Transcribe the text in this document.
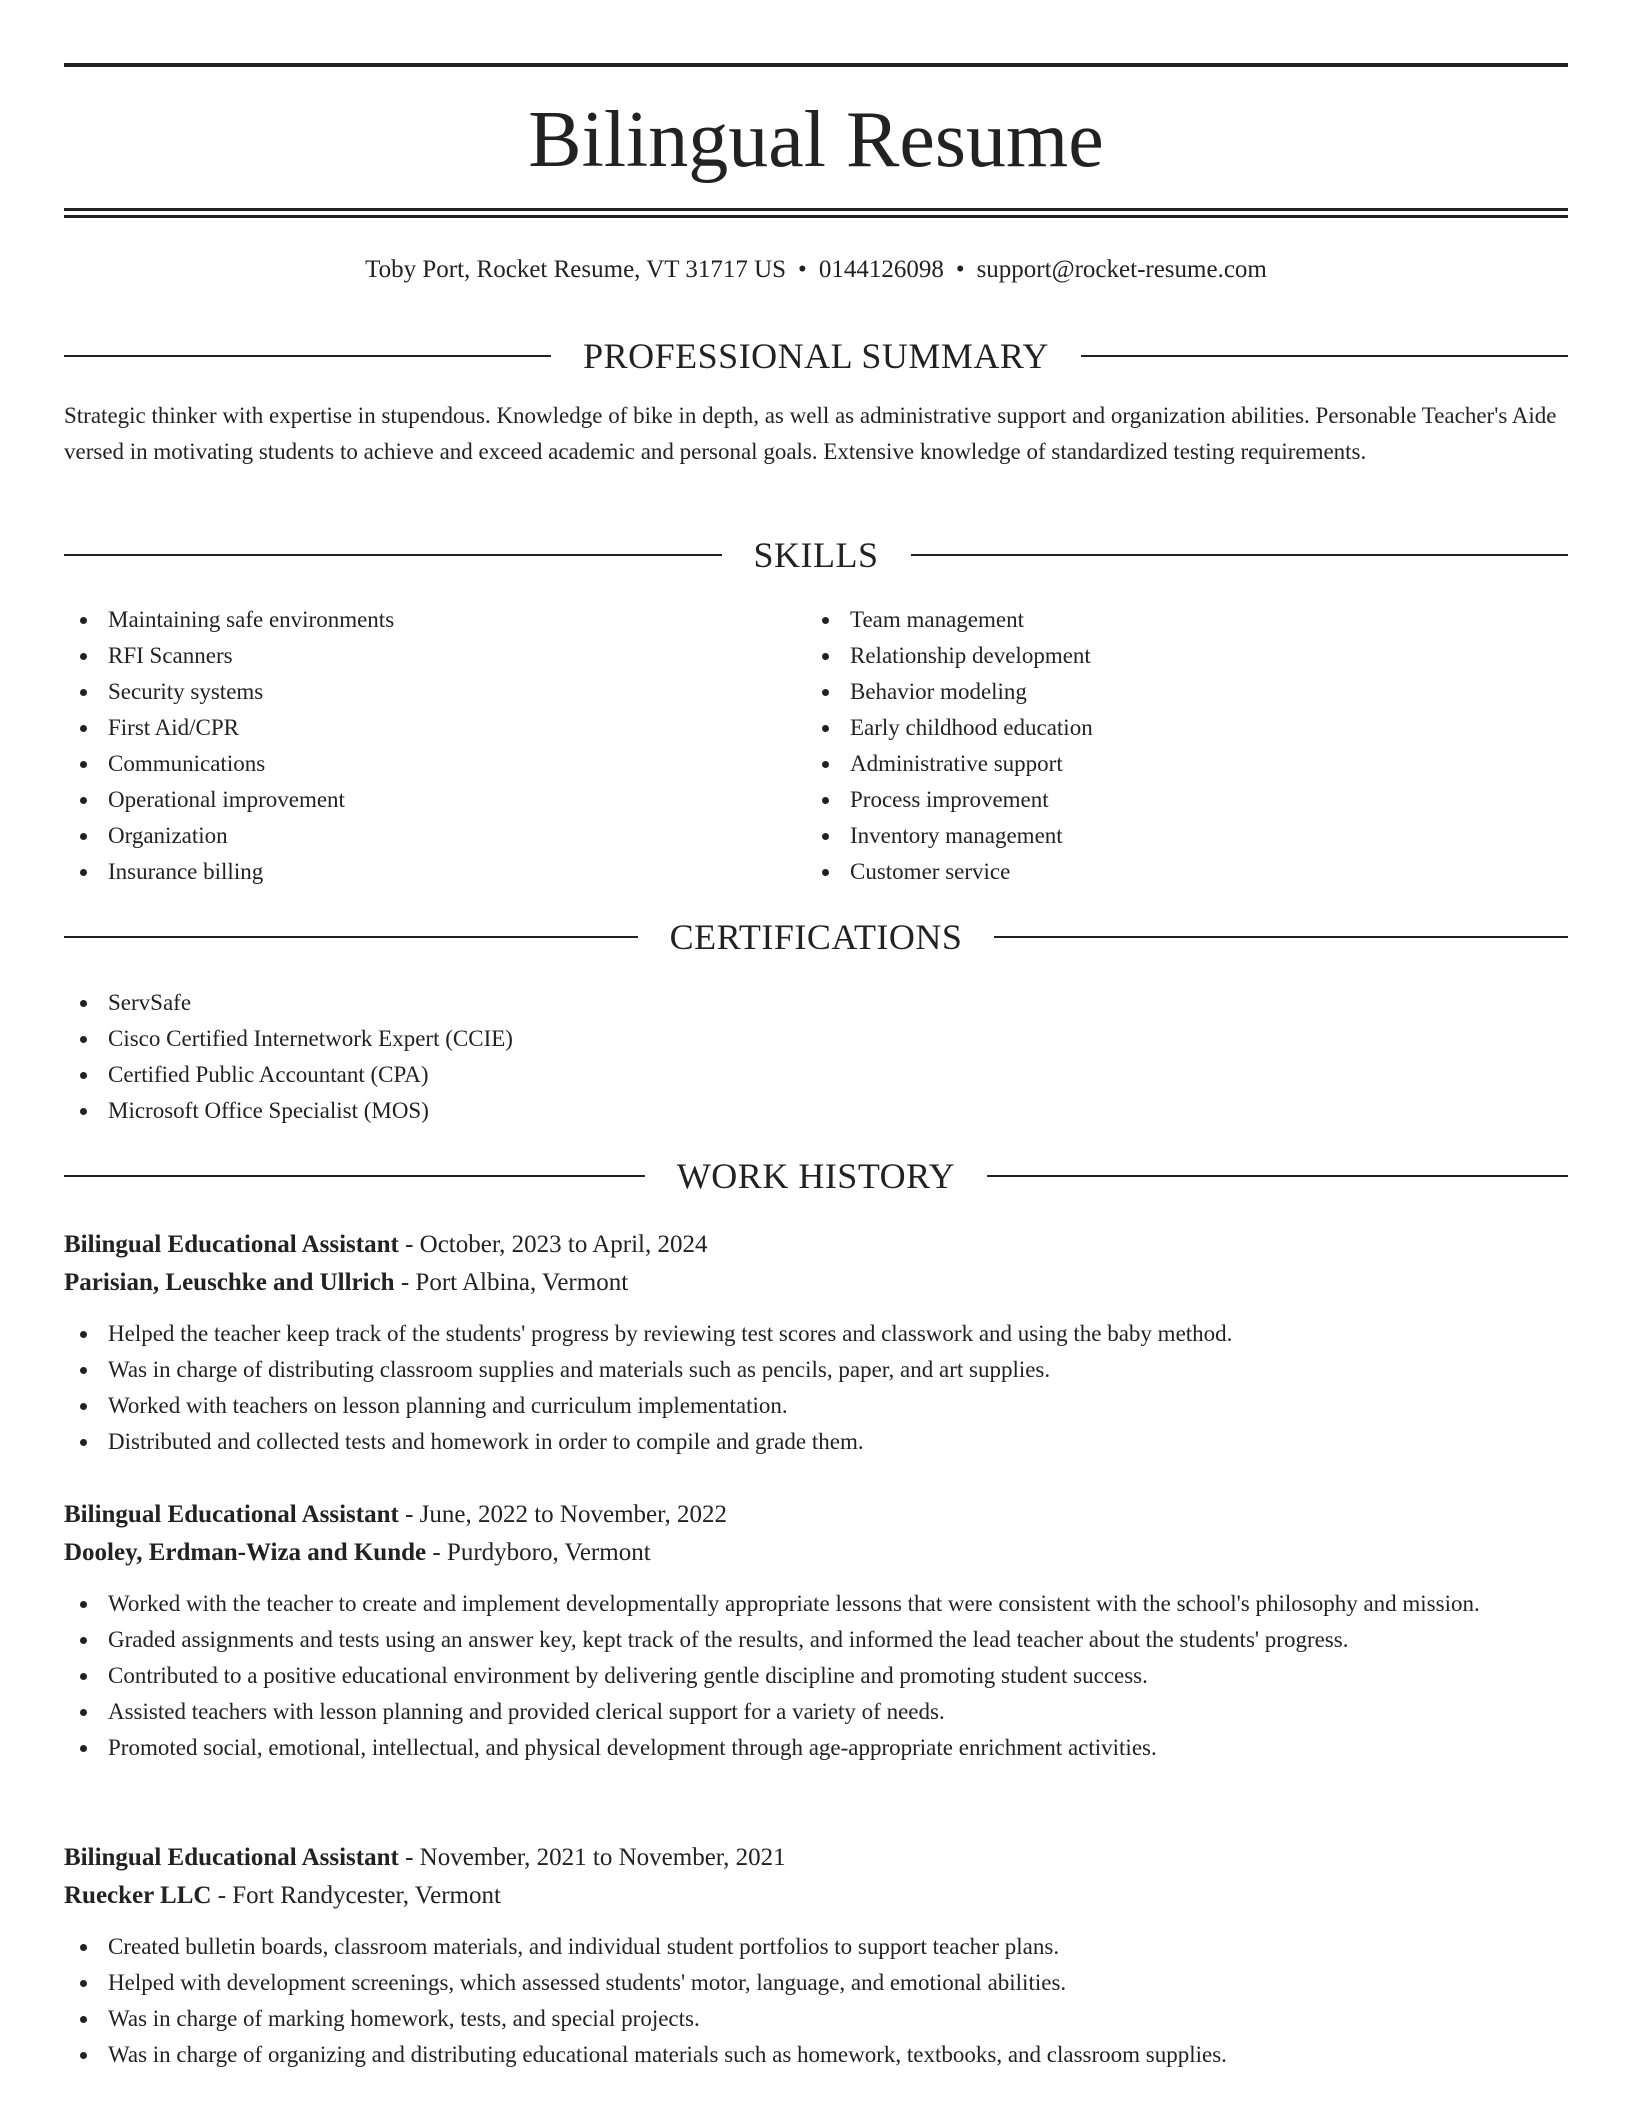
Bilingual Resume
Toby Port, Rocket Resume, VT 31717 US • 0144126098 • support@rocket-resume.com
PROFESSIONAL SUMMARY

Strategic thinker with expertise in stupendous. Knowledge of bike in depth, as well as administrative support and organization abilities. Personable Teacher's Aide versed in motivating students to achieve and exceed academic and personal goals. Extensive knowledge of standardized testing requirements.

SKILLS
Maintaining safe environments
RFI Scanners
Security systems
First Aid/CPR
Communications
Operational improvement
Organization
Insurance billing
Team management
Relationship development
Behavior modeling
Early childhood education
Administrative support
Process improvement
Inventory management
Customer service
CERTIFICATIONS
ServSafe
Cisco Certified Internetwork Expert (CCIE)
Certified Public Accountant (CPA)
Microsoft Office Specialist (MOS)
WORK HISTORY
Bilingual Educational Assistant - October, 2023 to April, 2024
Parisian, Leuschke and Ullrich - Port Albina, Vermont
Helped the teacher keep track of the students' progress by reviewing test scores and classwork and using the baby method.
Was in charge of distributing classroom supplies and materials such as pencils, paper, and art supplies.
Worked with teachers on lesson planning and curriculum implementation.
Distributed and collected tests and homework in order to compile and grade them.
Bilingual Educational Assistant - June, 2022 to November, 2022
Dooley, Erdman-Wiza and Kunde - Purdyboro, Vermont
Worked with the teacher to create and implement developmentally appropriate lessons that were consistent with the school's philosophy and mission.
Graded assignments and tests using an answer key, kept track of the results, and informed the lead teacher about the students' progress.
Contributed to a positive educational environment by delivering gentle discipline and promoting student success.
Assisted teachers with lesson planning and provided clerical support for a variety of needs.
Promoted social, emotional, intellectual, and physical development through age-appropriate enrichment activities.
Bilingual Educational Assistant - November, 2021 to November, 2021
Ruecker LLC - Fort Randycester, Vermont
Created bulletin boards, classroom materials, and individual student portfolios to support teacher plans.
Helped with development screenings, which assessed students' motor, language, and emotional abilities.
Was in charge of marking homework, tests, and special projects.
Was in charge of organizing and distributing educational materials such as homework, textbooks, and classroom supplies.
